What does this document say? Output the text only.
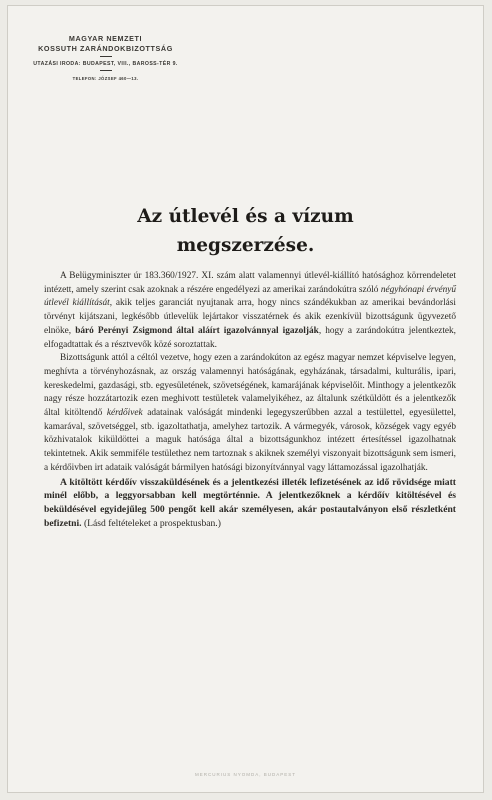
MAGYAR NEMZETI
KOSSUTH ZARÁNDOKBIZOTTSÁG
UTAZÁSI IRODA: BUDAPEST, VIII., BAROSS-TÉR 9.
TELEFON: JÓZSEF 460—13.
Az útlevél és a vízum
megszerzése.

A Belügyminiszter úr 183.360/1927. XI. szám alatt valamennyi útlevél-kiállító hatósághoz körrendeletet intézett, amely szerint csak azoknak a részére engedélyezi az amerikai zarándokútra szóló négyhónapi érvényű útlevél kiállítását, akik teljes garanciát nyujtanak arra, hogy nincs szándékukban az amerikai bevándorlási törvényt kijátszani, legkésőbb útlevelük lejártakor visszatérnek és akik ezenkívül bizottságunk ügyvezető elnöke, báró Perényi Zsigmond által aláírt igazolvánnyal igazolják, hogy a zarándokútra jelentkeztek, elfogadtattak és a résztvevők közé soroztattak.

Bizottságunk attól a céltól vezetve, hogy ezen a zarándokúton az egész magyar nemzet képviselve legyen, meghívta a törvényhozásnak, az ország valamennyi hatóságának, egyházának, társadalmi, kulturális, ipari, kereskedelmi, gazdasági, stb. egyesületének, szövetségének, kamarájának képviselőit. Minthogy a jelentkezők nagy része hozzátartozik ezen meghivott testületek valamelyikéhez, az általunk szétküldött és a jelentkezők által kitöltendő kérdőivek adatainak valóságát mindenki legegyszerűbben azzal a testülettel, egyesülettel, kamarával, szövetséggel, stb. igazoltathatja, amelyhez tartozik. A vármegyék, városok, községek vagy egyéb közhivatalok kiküldöttei a maguk hatósága által a bizottságunkhoz intézett értesítéssel igazolhatnak tekintetnek. Akik semmiféle testülethez nem tartoznak s akiknek személyi viszonyait bizottságunk sem ismeri, a kérdőivben irt adataik valóságát bármilyen hatósági bizonyítvánnyal vagy láttamozással igazolhatják.

A kitöltött kérdőív visszaküldésének és a jelentkezési illeték lefizetésének az idő rövidsége miatt minél előbb, a leggyorsabban kell megtörténnie. A jelentkezőknek a kérdőív kitöltésével és beküldésével egyidejűleg 500 pengőt kell akár személyesen, akár postautalványon első részletként befizetni. (Lásd feltételeket a prospektusban.)

MERCURIUS NYOMDA, BUDAPEST
